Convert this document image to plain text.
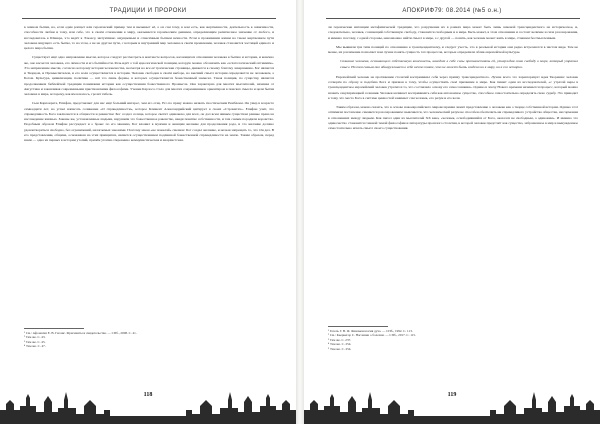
ТРАДИЦИИ И ПРОРОКИ

в земном бытии, на, если один ропщет или героический пример тем и вызывает её, а он сам тому, в ком есть, как жертвенности, деятельность к зависимости, способности любви и тому, или себе, это в своём отношении к миру, оказывается героическим деянием, определяющим религиозное значение от любого, и исследователь к Шанкре, что ведёт к Эльзасу, интуитивно ощущаемым и отнесённым бытием вечности. Если в проживании жизни на таком жертвенном пути человека ищущего есть бытие, то на этом, а не на другом пути, с которым и внутренний мир человека в своём проявлении, человек становится частицей единого и целого мира бытия.

Существует ещё одно направление мысли, которое следует рассмотреть в контексте вопросов, касающихся отношения человека к бытию и истории, и конечно же, оно касается человека, его личности и его бытийности. Речь идёт о той идеологической позиции, которую можно обозначить как «эсхатологический оптимизм». Это направление мысли, согласно которому история человечества, несмотря на все её трагические страницы, движется к своему благому завершению. Бог является и Творцом, и Промыслителем, и его воля осуществляется в истории. Человек свободен в своём выборе, но высший смысл истории определяется не человеком, а Богом. Культура, цивилизация, политика — всё это лишь формы, в которых осуществляется божественный замысел. Такая позиция, по существу, является продолжением библейской традиции понимания истории как осуществления божественного Промысла. Она характерна для многих мыслителей, начиная от Августина и заканчивая современными христианскими философами. Учение Карлоса стало для многих современников ориентиром в поисках смысла и цели бытия человека в мире, которому, как им казалось, грозит гибель.

Сын Карпократа, Епифан, представляет для нас ещё больший интерес, чем его отец. Его по праву можно назвать гностическим Ремблеем. Он умер в возрасте семнадцати лет, но успел написать сочинение «О справедливости», которое Климент Александрийский цитирует в своих «Строматах». Епифан учит, что справедливость Бога заключается в общности и равенстве: Бог создал солнце, которое светит одинаково для всех, он дал всем живым существам равные права на наслаждение жизнью. Законы же, установленные людьми, нарушили это божественное равенство, введя понятие собственности, и тем самым породили воровство. Подобным образом Епифан рассуждает и о браке: по его мнению, Бог вложил в мужчин и женщин желание для продолжения рода, и это желание должно удовлетворяться свободно, без ограничений, налагаемых законами. Поэтому закон «не пожелай» смешон: Бог создал желание, и нельзя запрещать то, что Он дал. В его представлении, община, основанная на этих принципах, является осуществлением подлинной божественной справедливости на земле. Таким образом, перед нами — одна из первых в истории утопий, причём утопия откровенно коммунистическая и анархистская.

¹ См.: Афонасин Е. В. Гнозис. Фрагменты и свидетельства. — СПб., 2008. С. 41.
² Там же. С. 43.
³ Там же. С. 45.
⁴ Там же. С. 47.
118
АПОКРИФ79: 08.2014 (№5 о.н.)

ли героические интенции метафизической традиции, что разрушение их в рамках мира может быть лишь заменой трансцендентного на историческое, и, следовательно, человек, сознающий собственную свободу, становится свободным и в мире. Быть может, в этом отношении и состоит величие и сила разочарования, и именно поэтому, с одной стороны, невозможно найти смысл в мире, а с другой — понять, как человек может жить в мире, ставшем бессмысленным.

Мы выявили три типа позиций по отношению к трансцендентному, и следует учесть, что в реальной истории они редко встречаются в чистом виде. Тем не менее, их различение позволяет нам лучше понять сущность тех процессов, которые определили облик европейской культуры.

Сознание человека, осознающего собственную конечность, находит в себе силы противостоять ей, утверждая свою свободу в мире, который утратил смысл. Но тем самым оно обнаруживает в себе нечто такое, что не может быть сведено ни к миру, ни к его истории.

Европейский человек на протяжении столетий воспринимал себя через призму трансцендентного. Лучше всего это характеризует идея Творения: человек сотворён по образу и подобию Бога и призван к тому, чтобы осуществить своё призвание в мире. Как пишет один из исследователей, «с утратой веры в трансцендентное европейский человек утратил и то, что составляло основу его самосознания». Однако в эпоху Нового времени начинается процесс, который можно назвать секуляризацией сознания. Человек начинает воспринимать себя как автономное существо, способное самостоятельно определять свою судьбу. Это приводит к тому, что место Бога в системе ценностей занимает сам человек, его разум и его воля.

Таким образом, можно сказать, что в основе новоевропейского мировоззрения лежит представление о человеке как о творце собственной истории. Однако этот оптимизм постепенно сменяется разочарованием: выясняется, что человеческий разум не способен обеспечить ни справедливого устройства общества, ни гармонии в отношениях между людьми. Как писал один из мыслителей XX века, «человек, освободившийся от Бога, оказался не свободным, а одиноким». И именно это одиночество становится главной темой философии и литературы прошлого столетия, в которой человек предстаёт как существо, заброшенное в мир и вынужденное самостоятельно искать смысл своего существования.

¹ Гегель Г. В. Ф. Феноменология духа. — СПб., 1992. С. 113.
² См.: Кьеркегор С. Наслание о болезни. — СПб., 2017. С. 115.
³ Там же. С. 237.
⁴ Там же. С. 254.
⁵ Там же. С. 254.
119
